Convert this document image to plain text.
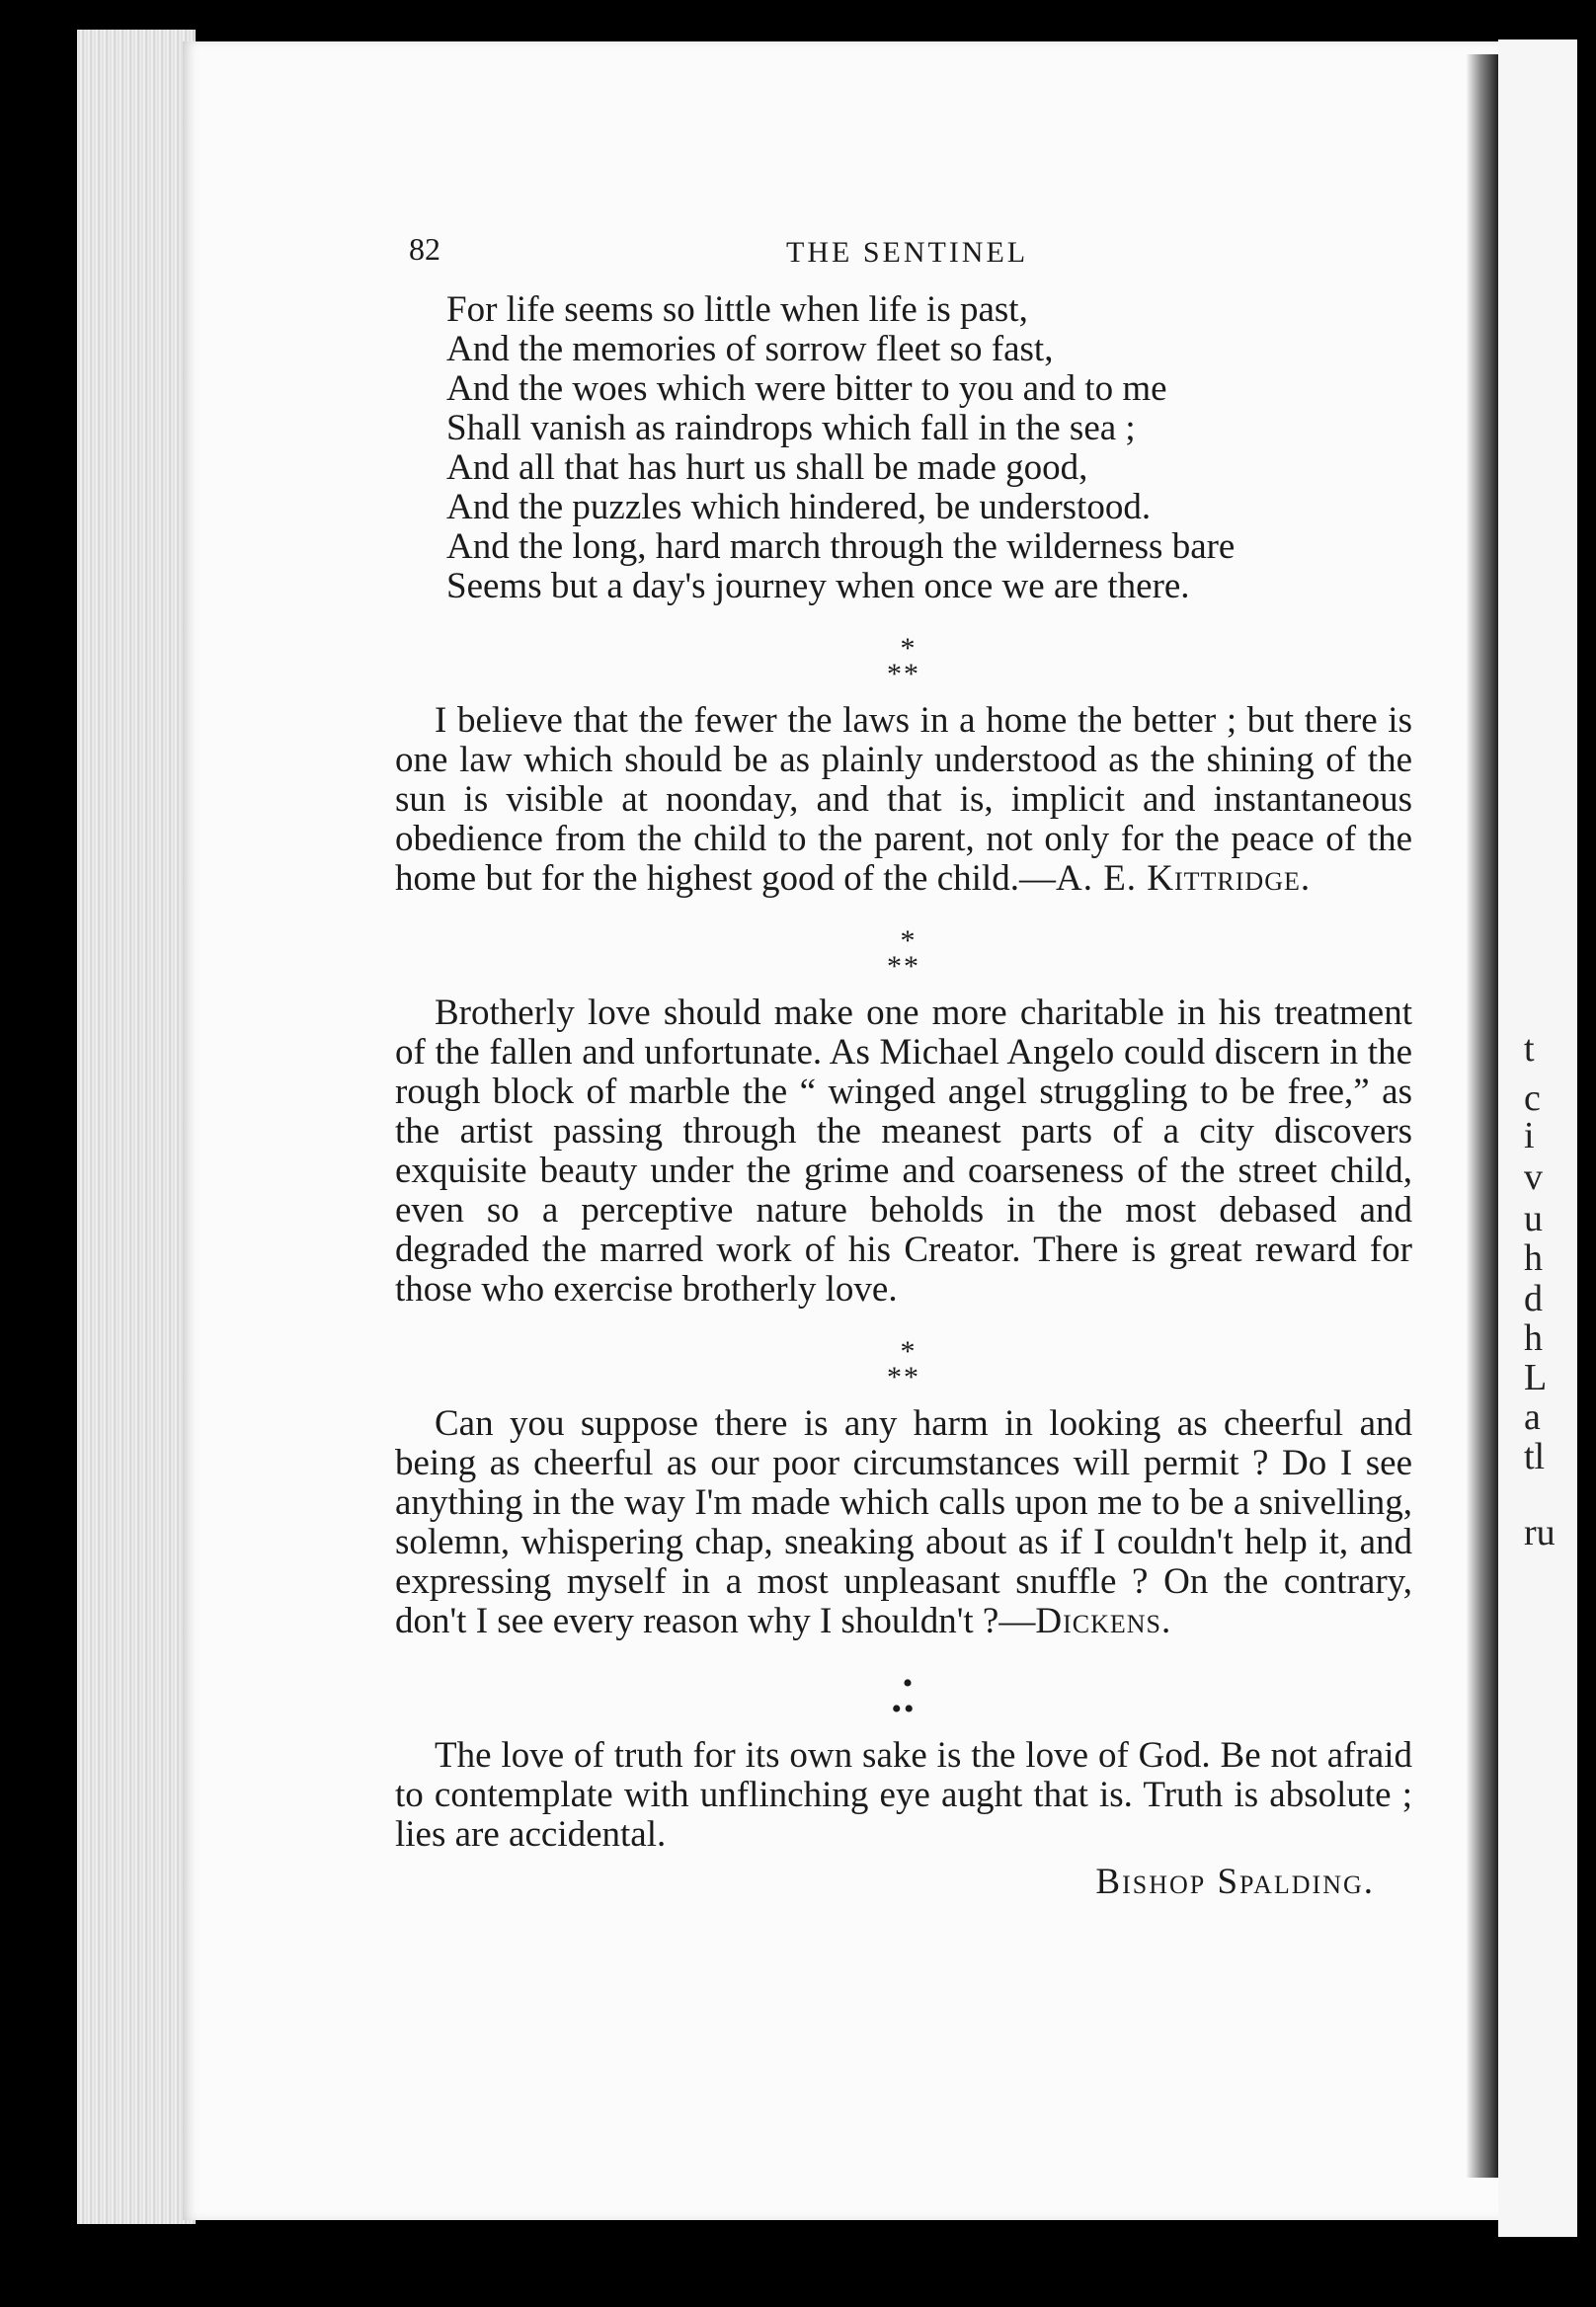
t
c
i
v
u
h
d
h
L
a
tl
ru
82	THE SENTINEL
For life seems so little when life is past,
And the memories of sorrow fleet so fast,
And the woes which were bitter to you and to me
Shall vanish as raindrops which fall in the sea ;
And all that has hurt us shall be made good,
And the puzzles which hindered, be understood.
And the long, hard march through the wilderness bare
Seems but a day's journey when once we are there.
*
**

I believe that the fewer the laws in a home the better ; but there is one law which should be as plainly understood as the shining of the sun is visible at noonday, and that is, implicit and instantaneous obedience from the child to the parent, not only for the peace of the home but for the highest good of the child.—A. E. Kittridge.

*
**

Brotherly love should make one more charitable in his treatment of the fallen and unfortunate. As Michael Angelo could discern in the rough block of marble the “ winged angel struggling to be free,” as the artist passing through the meanest parts of a city discovers exquisite beauty under the grime and coarseness of the street child, even so a perceptive nature beholds in the most debased and degraded the marred work of his Creator. There is great reward for those who exercise brotherly love.

*
**

Can you suppose there is any harm in looking as cheerful and being as cheerful as our poor circumstances will permit ? Do I see anything in the way I'm made which calls upon me to be a snivelling, solemn, whispering chap, sneaking about as if I couldn't help it, and expressing myself in a most unpleasant snuffle ? On the contrary, don't I see every reason why I shouldn't ?—Dickens.

•
••

The love of truth for its own sake is the love of God. Be not afraid to contemplate with unflinching eye aught that is. Truth is absolute ; lies are accidental.

Bishop Spalding.
